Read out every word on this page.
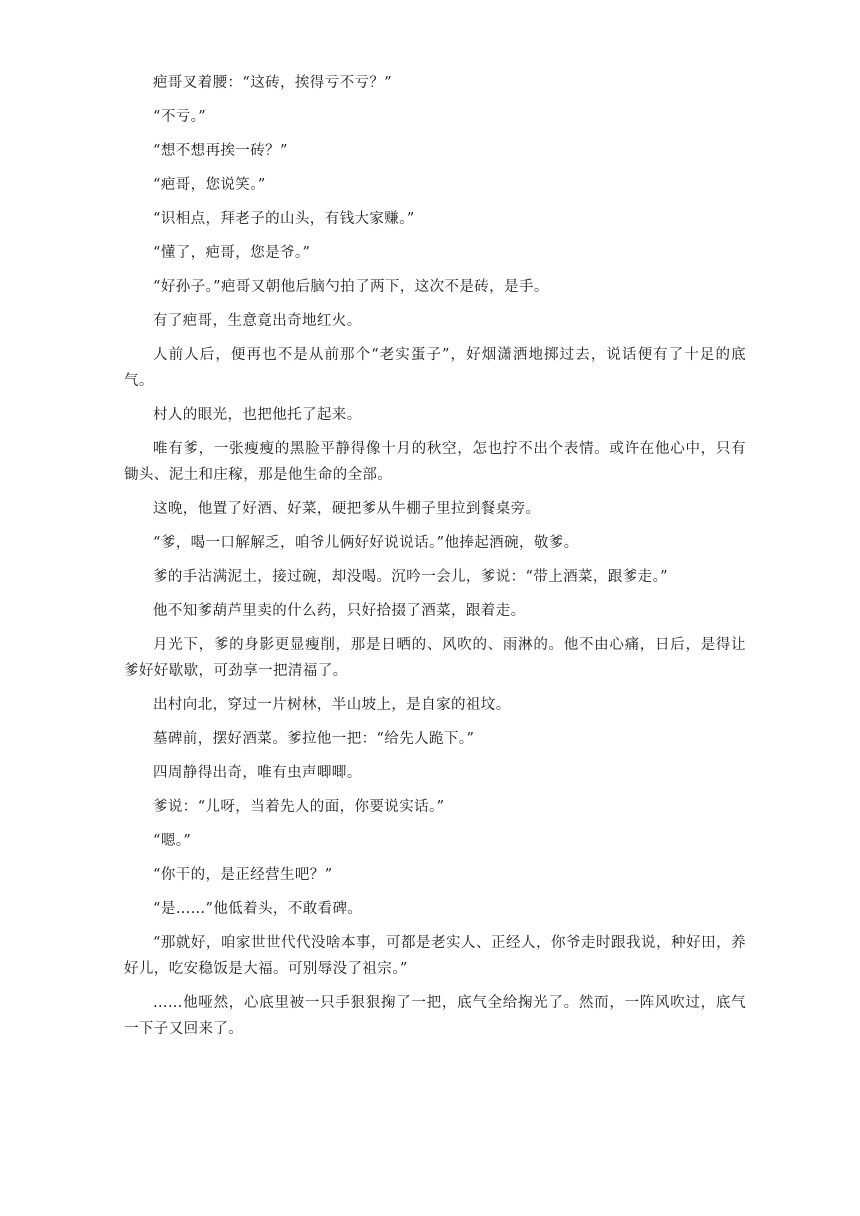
疤哥叉着腰：“这砖，挨得亏不亏？”

“不亏。”

“想不想再挨一砖？”

“疤哥，您说笑。”

“识相点，拜老子的山头，有钱大家赚。”

“懂了，疤哥，您是爷。”

“好孙子。”疤哥又朝他后脑勺拍了两下，这次不是砖，是手。

有了疤哥，生意竟出奇地红火。

人前人后，便再也不是从前那个“老实蛋子”，好烟潇洒地掷过去，说话便有了十足的底气。

村人的眼光，也把他托了起来。

唯有爹，一张瘦瘦的黑脸平静得像十月的秋空，怎也拧不出个表情。或许在他心中，只有锄头、泥土和庄稼，那是他生命的全部。

这晚，他置了好酒、好菜，硬把爹从牛棚子里拉到餐桌旁。

“爹，喝一口解解乏，咱爷儿俩好好说说话。”他捧起酒碗，敬爹。

爹的手沾满泥土，接过碗，却没喝。沉吟一会儿，爹说：“带上酒菜，跟爹走。”

他不知爹葫芦里卖的什么药，只好拾掇了酒菜，跟着走。

月光下，爹的身影更显瘦削，那是日晒的、风吹的、雨淋的。他不由心痛，日后，是得让爹好好歇歇，可劲享一把清福了。

出村向北，穿过一片树林，半山坡上，是自家的祖坟。

墓碑前，摆好酒菜。爹拉他一把：“给先人跪下。”

四周静得出奇，唯有虫声唧唧。

爹说：“儿呀，当着先人的面，你要说实话。”

“嗯。”

“你干的，是正经营生吧？”

“是……”他低着头，不敢看碑。

“那就好，咱家世世代代没啥本事，可都是老实人、正经人，你爷走时跟我说，种好田，养好儿，吃安稳饭是大福。可别辱没了祖宗。”

……他哑然，心底里被一只手狠狠掬了一把，底气全给掬光了。然而，一阵风吹过，底气一下子又回来了。
